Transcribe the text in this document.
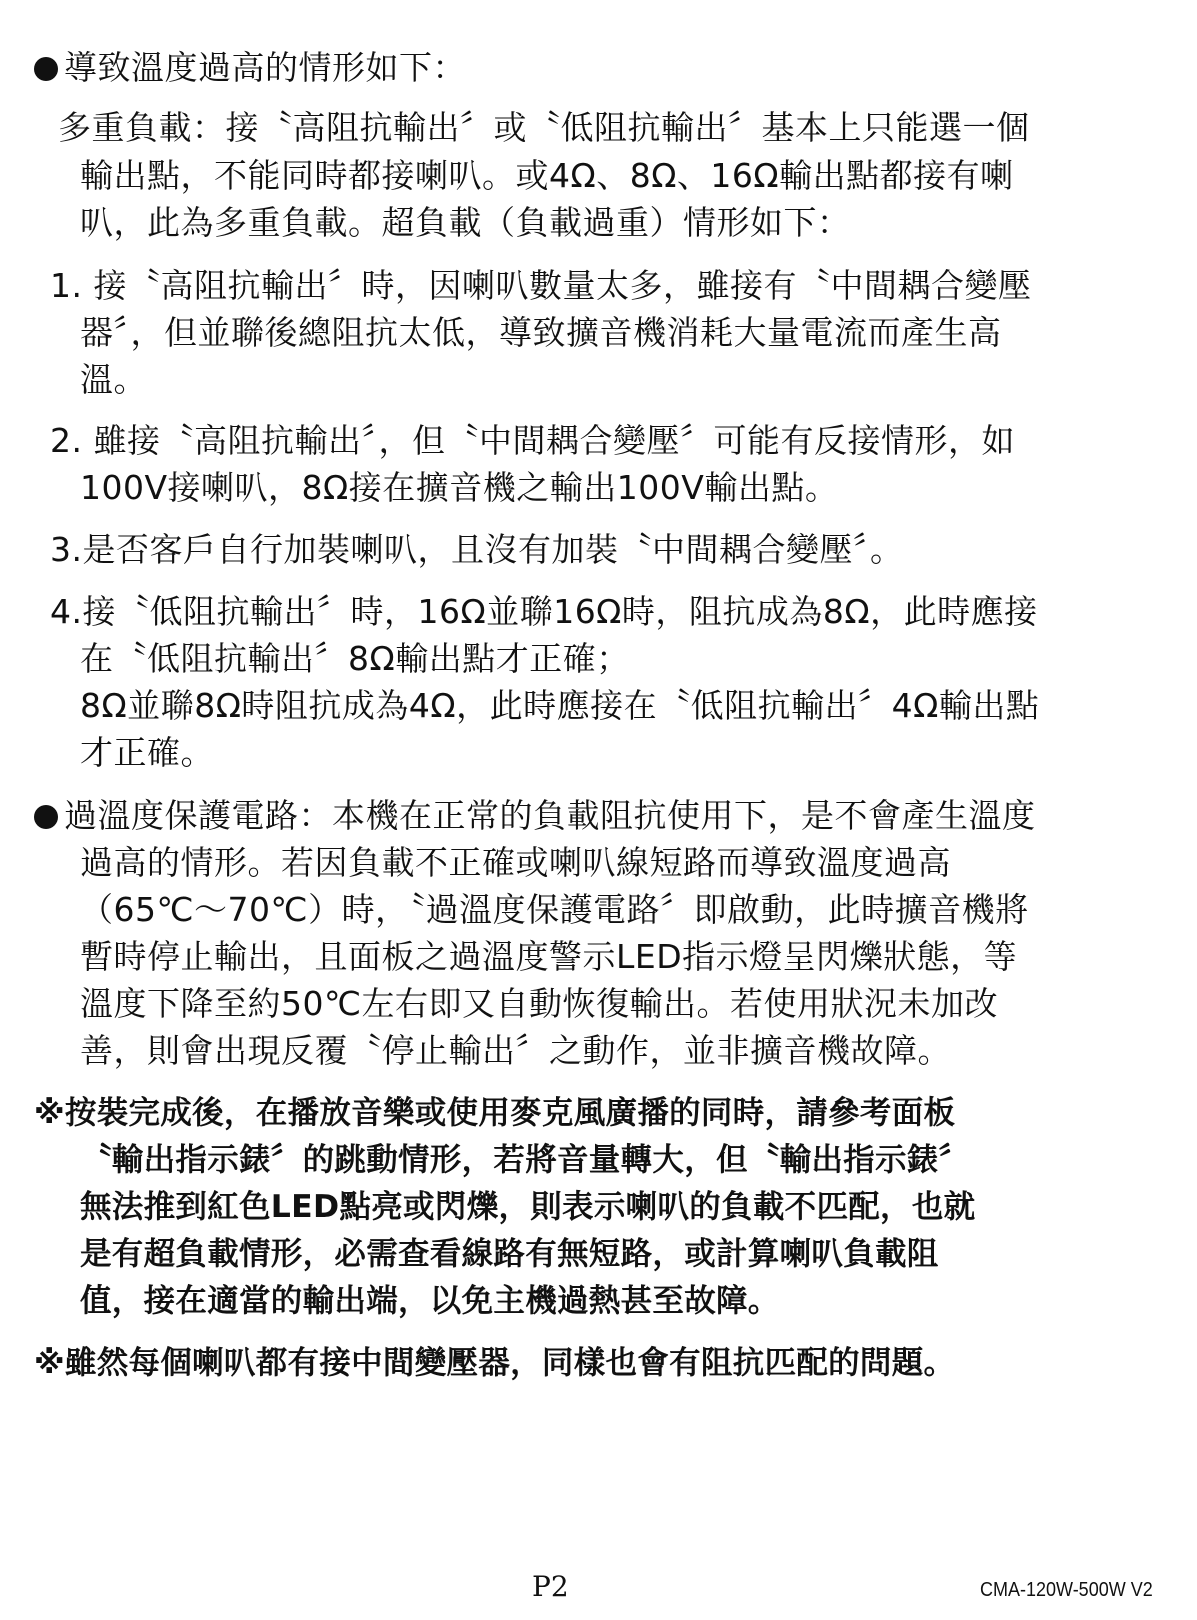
導致溫度過高的情形如下：
多重負載：接〝高阻抗輸出〞或〝低阻抗輸出〞基本上只能選一個
輸出點，不能同時都接喇叭。或4Ω、8Ω、16Ω輸出點都接有喇
叭，此為多重負載。超負載（負載過重）情形如下：
1. 接〝高阻抗輸出〞時，因喇叭數量太多，雖接有〝中間耦合變壓
器〞，但並聯後總阻抗太低，導致擴音機消耗大量電流而產生高
溫。
2. 雖接〝高阻抗輸出〞，但〝中間耦合變壓〞可能有反接情形，如
100V接喇叭，8Ω接在擴音機之輸出100V輸出點。
3.是否客戶自行加裝喇叭，且沒有加裝〝中間耦合變壓〞。
4.接〝低阻抗輸出〞時，16Ω並聯16Ω時，阻抗成為8Ω，此時應接
在〝低阻抗輸出〞8Ω輸出點才正確；
8Ω並聯8Ω時阻抗成為4Ω，此時應接在〝低阻抗輸出〞4Ω輸出點
才正確。
過溫度保護電路：本機在正常的負載阻抗使用下，是不會產生溫度
過高的情形。若因負載不正確或喇叭線短路而導致溫度過高
（65℃～70℃）時，〝過溫度保護電路〞即啟動，此時擴音機將
暫時停止輸出，且面板之過溫度警示LED指示燈呈閃爍狀態，等
溫度下降至約50℃左右即又自動恢復輸出。若使用狀況未加改
善，則會出現反覆〝停止輸出〞之動作，並非擴音機故障。
※按裝完成後，在播放音樂或使用麥克風廣播的同時，請參考面板
〝輸出指示錶〞的跳動情形，若將音量轉大，但〝輸出指示錶〞
無法推到紅色LED點亮或閃爍，則表示喇叭的負載不匹配，也就
是有超負載情形，必需查看線路有無短路，或計算喇叭負載阻
值，接在適當的輸出端，以免主機過熱甚至故障。
※雖然每個喇叭都有接中間變壓器，同樣也會有阻抗匹配的問題。
P2	CMA-120W-500W V2
